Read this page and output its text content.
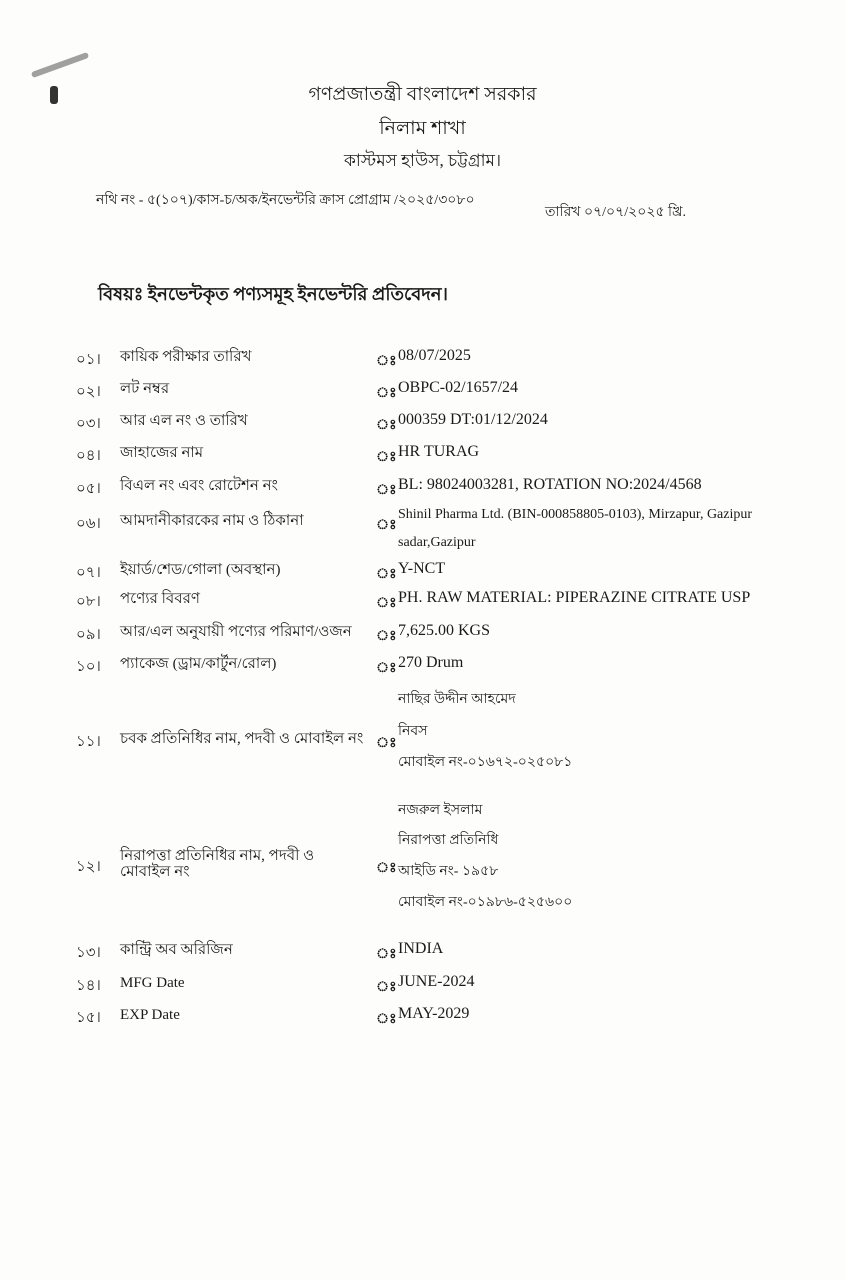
গণপ্রজাতন্ত্রী বাংলাদেশ সরকার
নিলাম শাখা
কাস্টমস হাউস, চট্টগ্রাম।
নথি নং - ৫(১০৭)/কাস-চ/অক/ইনভেন্টরি ক্রাস প্রোগ্রাম /২০২৫/৩০৮০
তারিখ ০৭/০৭/২০২৫ খ্রি.
বিষয়ঃ ইনভেন্টকৃত পণ্যসমূহ ইনভেন্টরি প্রতিবেদন।
০১। কায়িক পরীক্ষার তারিখ	ঃ 08/07/2025
০২। লট নম্বর	ঃ OBPC-02/1657/24
০৩। আর এল নং ও তারিখ	ঃ 000359 DT:01/12/2024
০৪। জাহাজের নাম	ঃ HR TURAG
০৫। বিএল নং এবং রোটেশন নং	ঃ BL: 98024003281, ROTATION NO:2024/4568
০৬। আমদানীকারকের নাম ও ঠিকানা	ঃ
Shinil Pharma Ltd. (BIN-000858805-0103), Mirzapur, Gazipur
sadar,Gazipur
০৭। ইয়ার্ড/শেড/গোলা (অবস্থান)	ঃ Y-NCT
০৮। পণ্যের বিবরণ	ঃ PH. RAW MATERIAL: PIPERAZINE CITRATE USP
০৯। আর/এল অনুযায়ী পণ্যের পরিমাণ/ওজন	ঃ 7,625.00 KGS
১০। প্যাকেজ (ড্রাম/কার্টুন/রোল)	ঃ 270 Drum
১১। চবক প্রতিনিধির নাম, পদবী ও মোবাইল নং ঃ
নাছির উদ্দীন আহমেদ
নিবস
মোবাইল নং-০১৬৭২-০২৫০৮১
১২।
নিরাপত্তা প্রতিনিধির নাম, পদবী ও মোবাইল নং	ঃ
নজরুল ইসলাম
নিরাপত্তা প্রতিনিধি
আইডি নং- ১৯৫৮
মোবাইল নং-০১৯৮৬-৫২৫৬০০
১৩। কান্ট্রি অব অরিজিন	ঃ INDIA
১৪। MFG Date	ঃ JUNE-2024
১৫। EXP Date	ঃ MAY-2029
